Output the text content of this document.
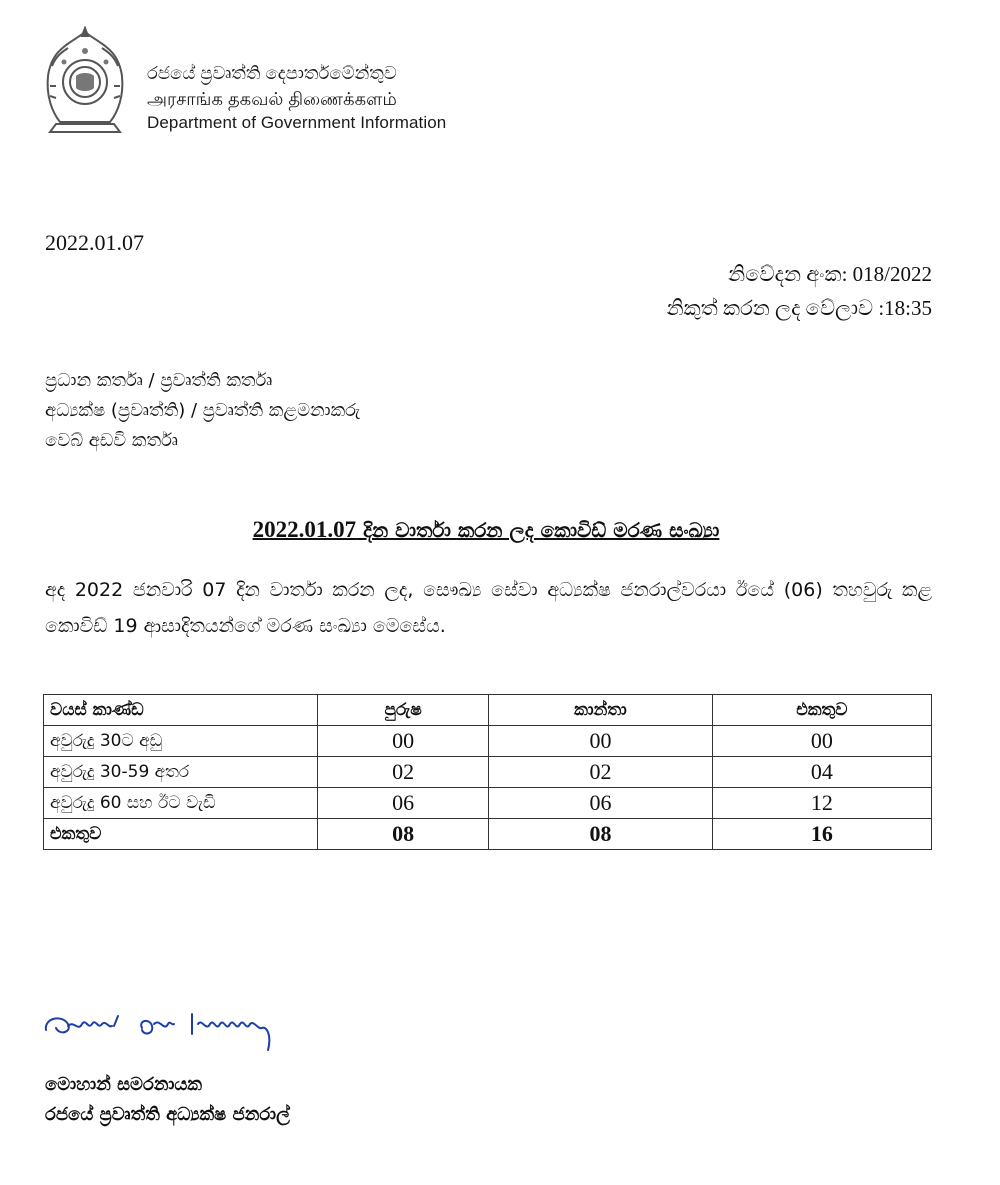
රජයේ ප්‍රවෘත්ති දෙපාර්තමේන්තුව
அரசாங்க தகவல் திணைக்களம்
Department of Government Information
2022.01.07
නිවේදන අංක: 018/2022
නිකුත් කරන ලද වේලාව :18:35
ප්‍රධාන කර්තෘ / ප්‍රවෘත්ති කර්තෘ
අධ්‍යක්ෂ (ප්‍රවෘත්ති) / ප්‍රවෘත්ති කළමනාකරු
වෙබ් අඩවි කර්තෘ
2022.01.07 දින වාර්තා කරන ලද කොවිඩ් මරණ සංඛ්‍යා
අද 2022 ජනවාරි 07 දින වාර්තා කරන ලද, සෞඛ්‍ය සේවා අධ්‍යක්ෂ ජනරාල්වරයා ඊයේ (06) තහවුරු කළ කොවිඩ් 19 ආසාදිතයන්ගේ මරණ සංඛ්‍යා මෙසේය.
වයස් කාණ්ඩ	පුරුෂ	කාන්තා	එකතුව
අවුරුදු 30ට අඩු	00	00	00
අවුරුදු 30-59 අතර	02	02	04
අවුරුදු 60 සහ ඊට වැඩි	06	06	12
එකතුව	08	08	16
මොහාන් සමරනායක
රජයේ ප්‍රවෘත්ති අධ්‍යක්ෂ ජනරාල්
